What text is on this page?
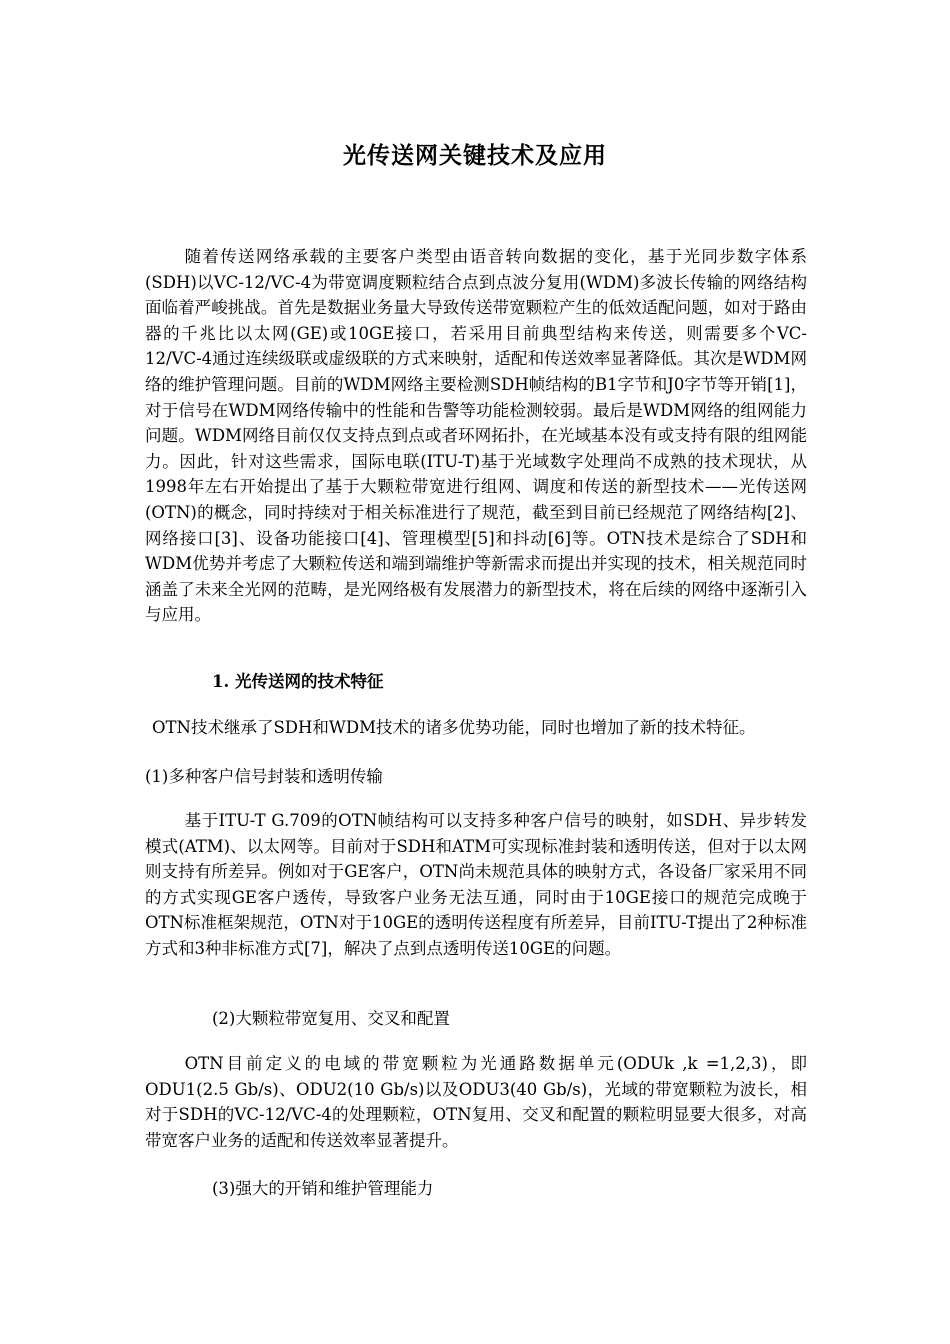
光传送网关键技术及应用

随着传送网络承载的主要客户类型由语音转向数据的变化，基于光同步数字体系(SDH)以VC-12/VC-4为带宽调度颗粒结合点到点波分复用(WDM)多波长传输的网络结构面临着严峻挑战。首先是数据业务量大导致传送带宽颗粒产生的低效适配问题，如对于路由器的千兆比以太网(GE)或10GE接口，若采用目前典型结构来传送，则需要多个VC-12/VC-4通过连续级联或虚级联的方式来映射，适配和传送效率显著降低。其次是WDM网络的维护管理问题。目前的WDM网络主要检测SDH帧结构的B1字节和J0字节等开销[1]，对于信号在WDM网络传输中的性能和告警等功能检测较弱。最后是WDM网络的组网能力问题。WDM网络目前仅仅支持点到点或者环网拓扑，在光域基本没有或支持有限的组网能力。因此，针对这些需求，国际电联(ITU-T)基于光域数字处理尚不成熟的技术现状，从1998年左右开始提出了基于大颗粒带宽进行组网、调度和传送的新型技术——光传送网(OTN)的概念，同时持续对于相关标准进行了规范，截至到目前已经规范了网络结构[2]、网络接口[3]、设备功能接口[4]、管理模型[5]和抖动[6]等。OTN技术是综合了SDH和WDM优势并考虑了大颗粒传送和端到端维护等新需求而提出并实现的技术，相关规范同时涵盖了未来全光网的范畴，是光网络极有发展潜力的新型技术，将在后续的网络中逐渐引入与应用。

1. 光传送网的技术特征
OTN技术继承了SDH和WDM技术的诸多优势功能，同时也增加了新的技术特征。
(1)多种客户信号封装和透明传输

基于ITU-T G.709的OTN帧结构可以支持多种客户信号的映射，如SDH、异步转发模式(ATM)、以太网等。目前对于SDH和ATM可实现标准封装和透明传送，但对于以太网则支持有所差异。例如对于GE客户，OTN尚未规范具体的映射方式，各设备厂家采用不同的方式实现GE客户透传，导致客户业务无法互通，同时由于10GE接口的规范完成晚于OTN标准框架规范，OTN对于10GE的透明传送程度有所差异，目前ITU-T提出了2种标准方式和3种非标准方式[7]，解决了点到点透明传送10GE的问题。

(2)大颗粒带宽复用、交叉和配置

OTN目前定义的电域的带宽颗粒为光通路数据单元(ODUk ,k =1,2,3)，即ODU1(2.5 Gb/s)、ODU2(10 Gb/s)以及ODU3(40 Gb/s)，光域的带宽颗粒为波长，相对于SDH的VC-12/VC-4的处理颗粒，OTN复用、交叉和配置的颗粒明显要大很多，对高带宽客户业务的适配和传送效率显著提升。

(3)强大的开销和维护管理能力
